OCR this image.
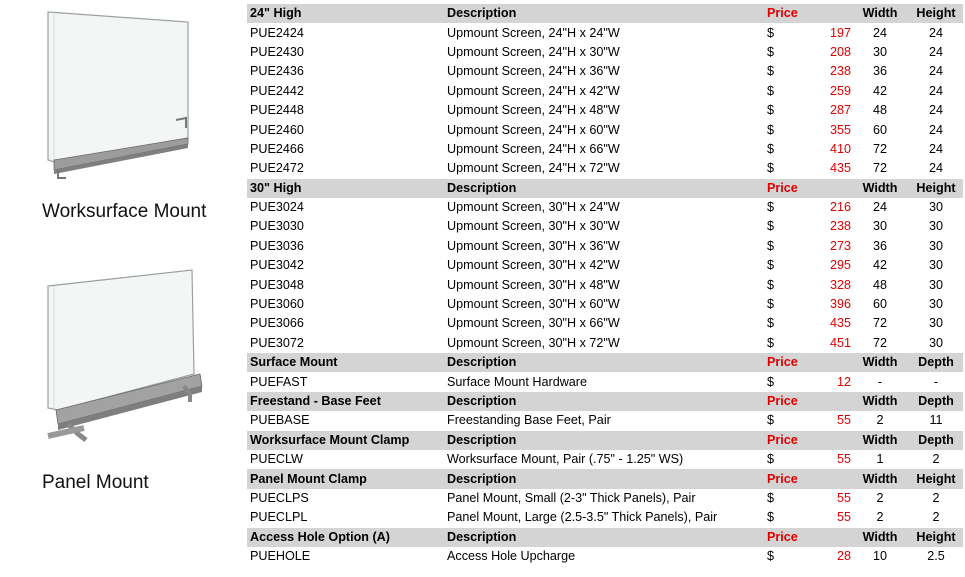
Worksurface Mount
Panel Mount
24" High	Description	Price		Width	Height
PUE2424	Upmount Screen, 24"H x 24"W	$	197	24	24
PUE2430	Upmount Screen, 24"H x 30"W	$	208	30	24
PUE2436	Upmount Screen, 24"H x 36"W	$	238	36	24
PUE2442	Upmount Screen, 24"H x 42"W	$	259	42	24
PUE2448	Upmount Screen, 24"H x 48"W	$	287	48	24
PUE2460	Upmount Screen, 24"H x 60"W	$	355	60	24
PUE2466	Upmount Screen, 24"H x 66"W	$	410	72	24
PUE2472	Upmount Screen, 24"H x 72"W	$	435	72	24
30" High	Description	Price		Width	Height
PUE3024	Upmount Screen, 30"H x 24"W	$	216	24	30
PUE3030	Upmount Screen, 30"H x 30"W	$	238	30	30
PUE3036	Upmount Screen, 30"H x 36"W	$	273	36	30
PUE3042	Upmount Screen, 30"H x 42"W	$	295	42	30
PUE3048	Upmount Screen, 30"H x 48"W	$	328	48	30
PUE3060	Upmount Screen, 30"H x 60"W	$	396	60	30
PUE3066	Upmount Screen, 30"H x 66"W	$	435	72	30
PUE3072	Upmount Screen, 30"H x 72"W	$	451	72	30
Surface Mount	Description	Price		Width	Depth
PUEFAST	Surface Mount Hardware	$	12	-	-
Freestand - Base Feet	Description	Price		Width	Depth
PUEBASE	Freestanding Base Feet, Pair	$	55	2	11
Worksurface Mount Clamp	Description	Price		Width	Depth
PUECLW	Worksurface Mount, Pair (.75" - 1.25" WS)	$	55	1	2
Panel Mount Clamp	Description	Price		Width	Height
PUECLPS	Panel Mount, Small (2-3" Thick Panels), Pair	$	55	2	2
PUECLPL	Panel Mount, Large (2.5-3.5" Thick Panels), Pair	$	55	2	2
Access Hole Option (A)	Description	Price		Width	Height
PUEHOLE	Access Hole Upcharge	$	28	10	2.5
